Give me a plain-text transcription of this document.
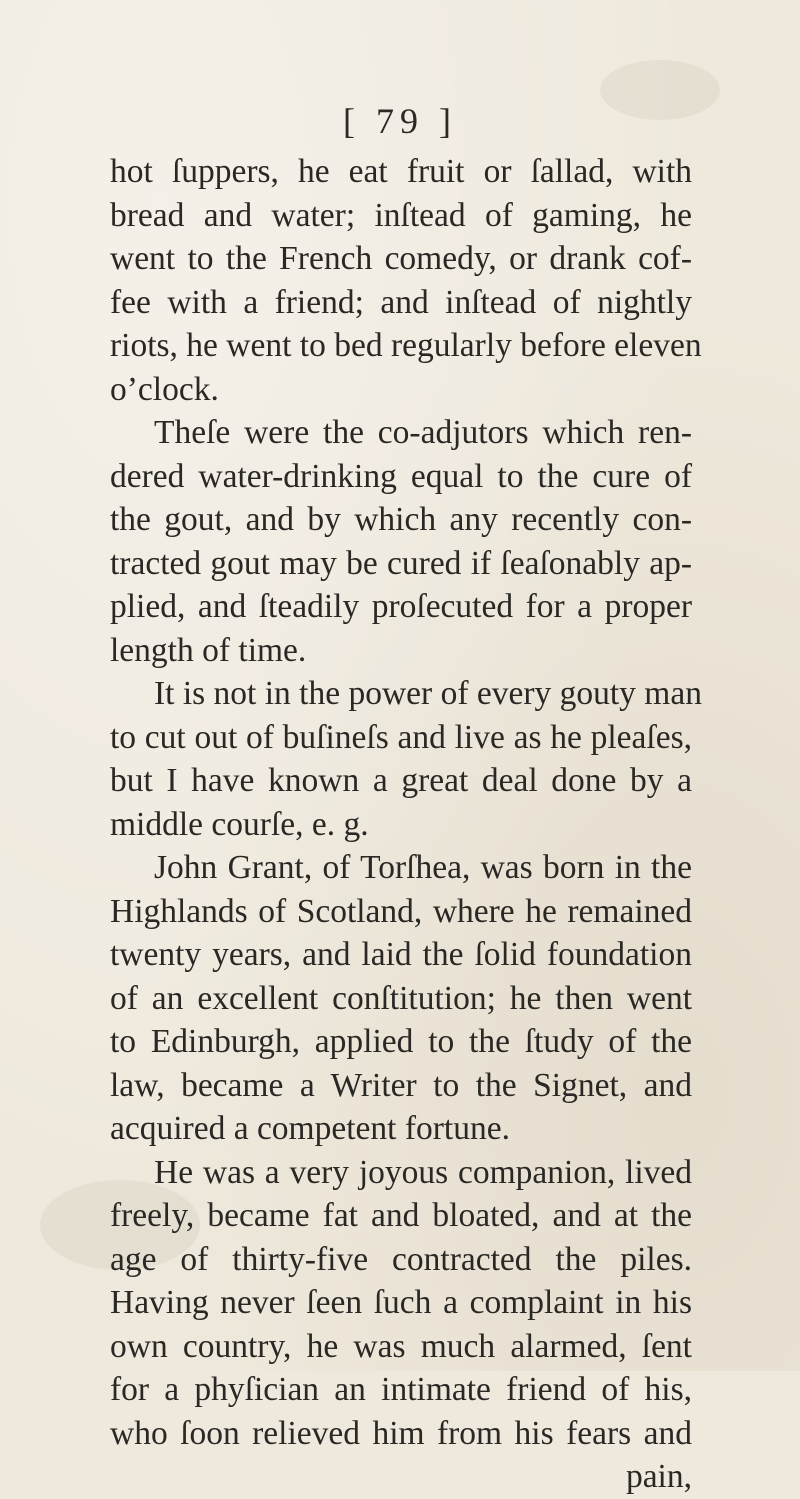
[ 79 ]
hot ſuppers, he eat fruit or ſallad, with
bread and water; inſtead of gaming, he
went to the French comedy, or drank cof-
fee with a friend; and inſtead of nightly
riots, he went to bed regularly before eleven
o’clock.
Theſe were the co-adjutors which ren-
dered water-drinking equal to the cure of
the gout, and by which any recently con-
tracted gout may be cured if ſeaſonably ap-
plied, and ſteadily proſecuted for a proper
length of time.
It is not in the power of every gouty man
to cut out of buſineſs and live as he pleaſes,
but I have known a great deal done by a
middle courſe, e. g.
John Grant, of Torſhea, was born in the
Highlands of Scotland, where he remained
twenty years, and laid the ſolid foundation
of an excellent conſtitution; he then went
to Edinburgh, applied to the ſtudy of the
law, became a Writer to the Signet, and
acquired a competent fortune.
He was a very joyous companion, lived
freely, became fat and bloated, and at the
age of thirty-five contracted the piles.
Having never ſeen ſuch a complaint in his
own country, he was much alarmed, ſent
for a phyſician an intimate friend of his,
who ſoon relieved him from his fears and
pain,
